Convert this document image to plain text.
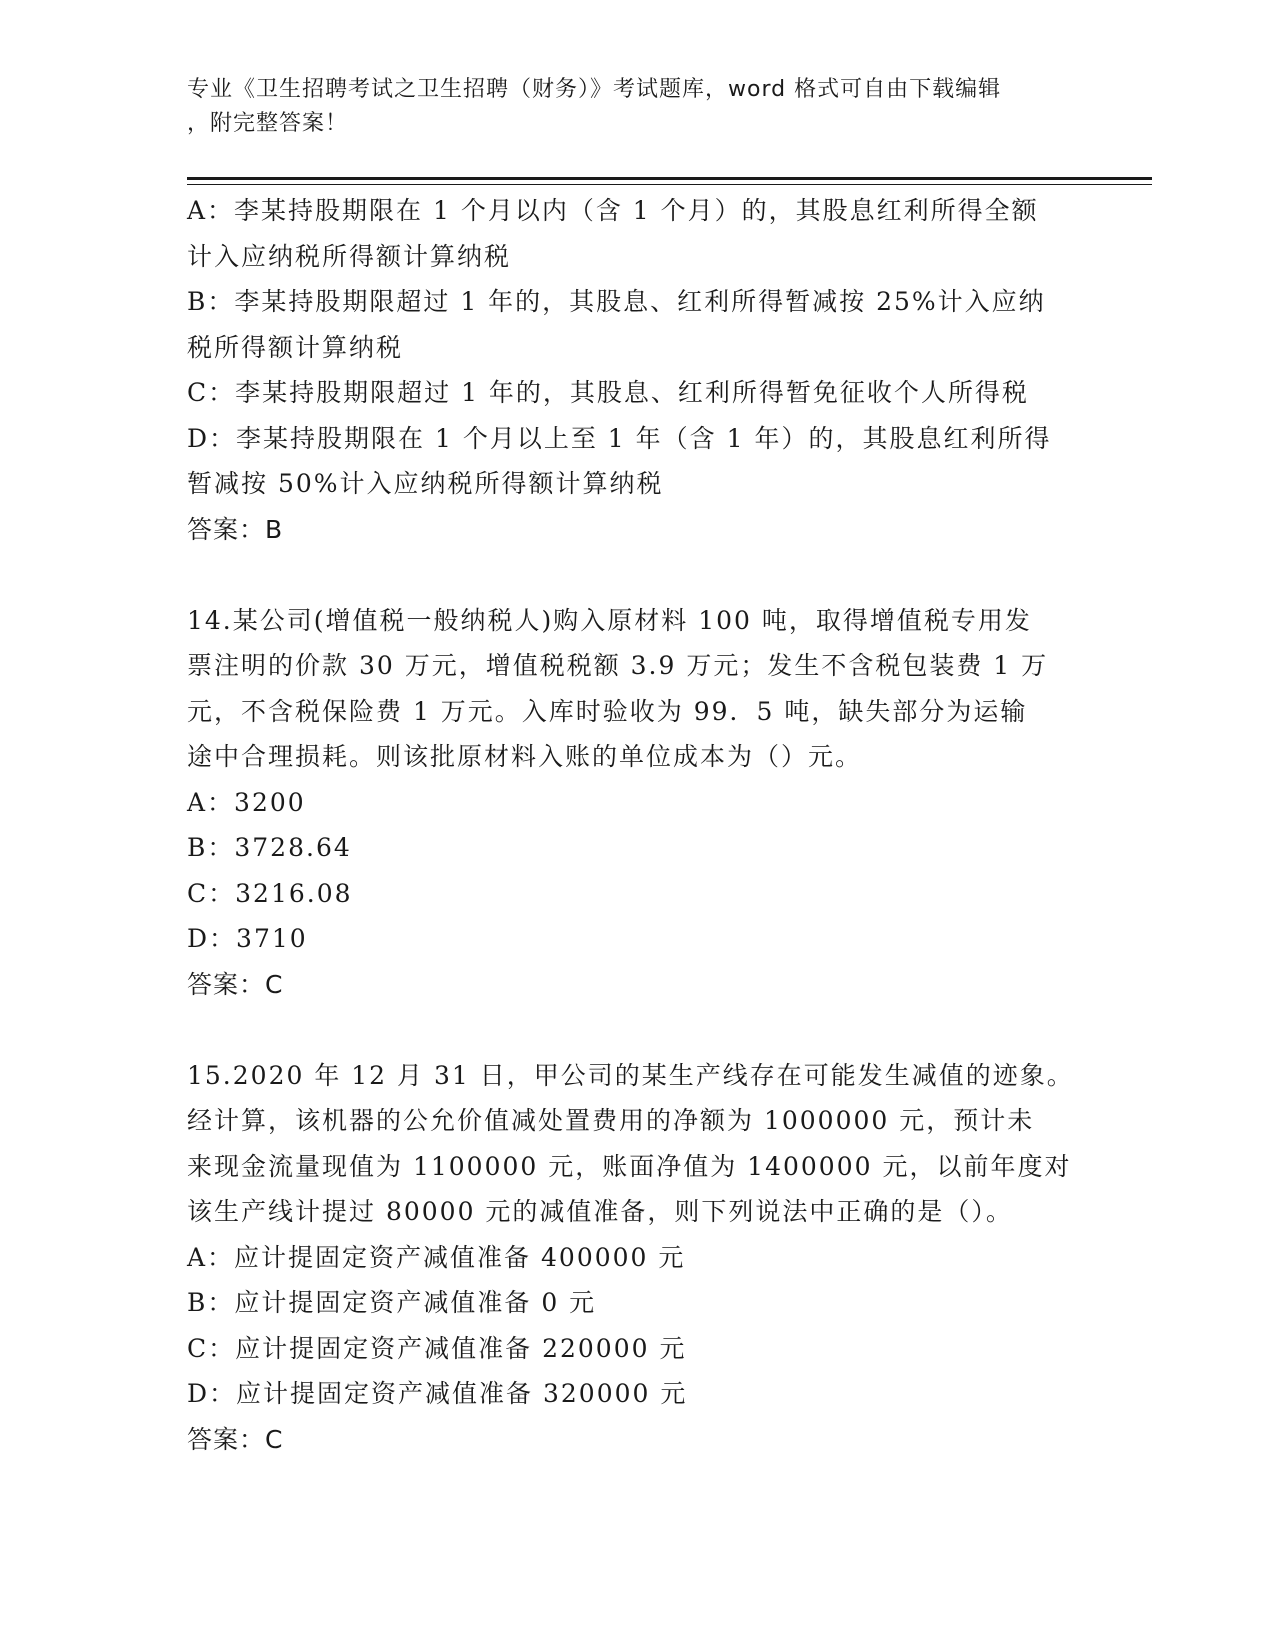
专业《卫生招聘考试之卫生招聘（财务）》考试题库，word 格式可自由下载编辑
，附完整答案！
A：李某持股期限在 1 个月以内（含 1 个月）的，其股息红利所得全额
计入应纳税所得额计算纳税
B：李某持股期限超过 1 年的，其股息、红利所得暂减按 25%计入应纳
税所得额计算纳税
C：李某持股期限超过 1 年的，其股息、红利所得暂免征收个人所得税
D：李某持股期限在 1 个月以上至 1 年（含 1 年）的，其股息红利所得
暂减按 50%计入应纳税所得额计算纳税
答案：B
14.某公司(增值税一般纳税人)购入原材料 100 吨，取得增值税专用发
票注明的价款 30 万元，增值税税额 3.9 万元；发生不含税包装费 1 万
元，不含税保险费 1 万元。入库时验收为 99．5 吨，缺失部分为运输
途中合理损耗。则该批原材料入账的单位成本为（）元。
A：3200
B：3728.64
C：3216.08
D：3710
答案：C
15.2020 年 12 月 31 日，甲公司的某生产线存在可能发生减值的迹象。
经计算，该机器的公允价值减处置费用的净额为 1000000 元，预计未
来现金流量现值为 1100000 元，账面净值为 1400000 元，以前年度对
该生产线计提过 80000 元的减值准备，则下列说法中正确的是（）。
A：应计提固定资产减值准备 400000 元
B：应计提固定资产减值准备 0 元
C：应计提固定资产减值准备 220000 元
D：应计提固定资产减值准备 320000 元
答案：C
